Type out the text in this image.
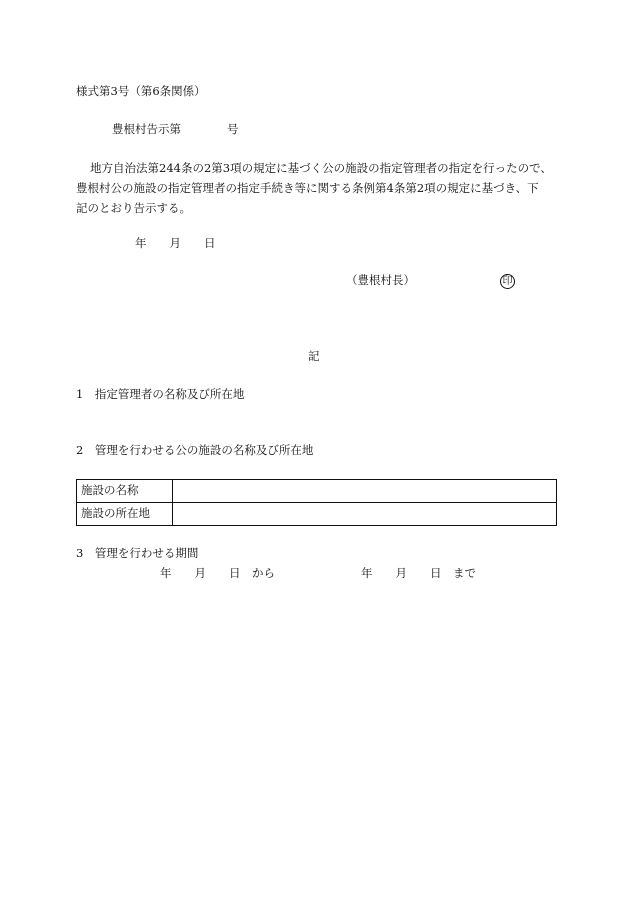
様式第3号（第6条関係）
豊根村告示第　　　　号
地方自治法第244条の2第3項の規定に基づく公の施設の指定管理者の指定を行ったので、
豊根村公の施設の指定管理者の指定手続き等に関する条例第4条第2項の規定に基づき、下
記のとおり告示する。
年　　月　　日
（豊根村長）	印
記
1　指定管理者の名称及び所在地
2　管理を行わせる公の施設の名称及び所在地
施設の名称	
施設の所在地	
3　管理を行わせる期間
年　　月　　日　から	年　　月　　日　まで
